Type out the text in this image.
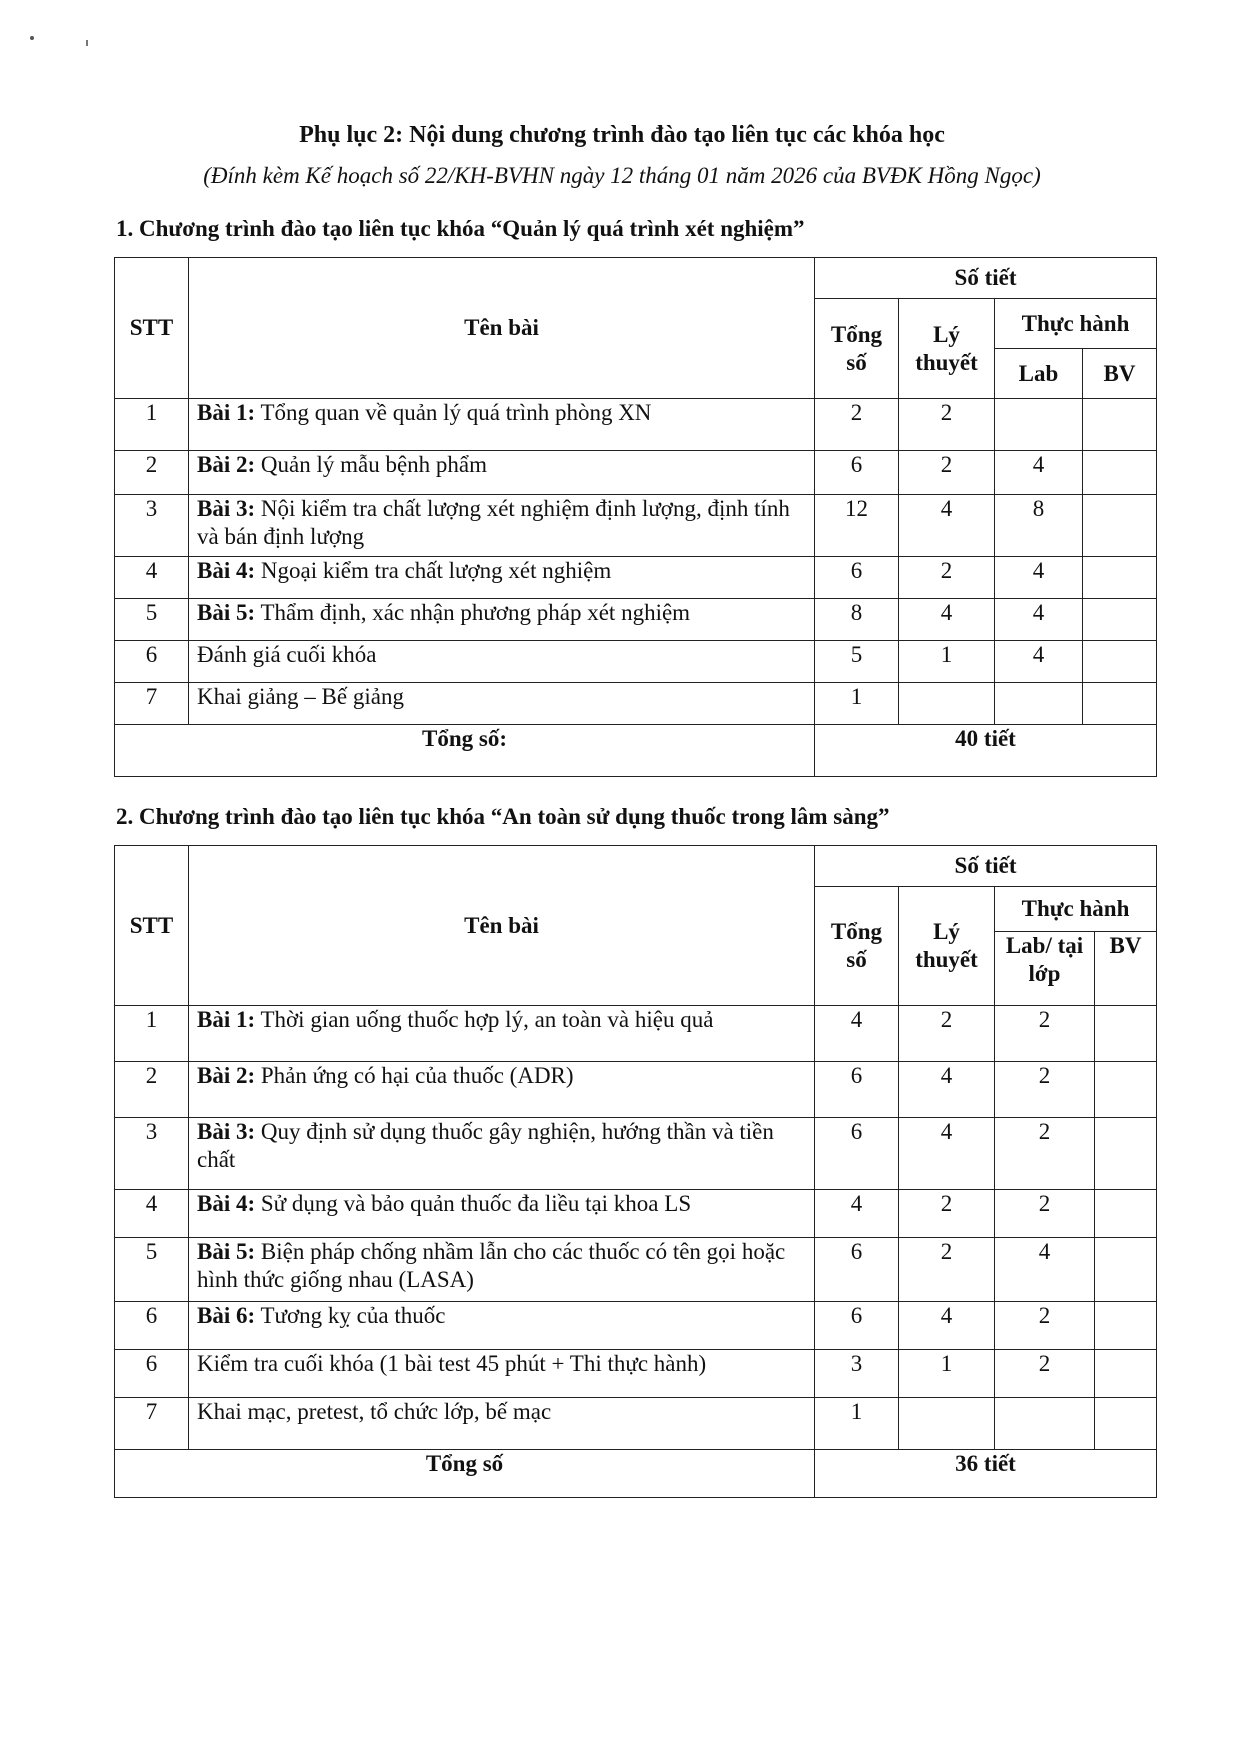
Phụ lục 2: Nội dung chương trình đào tạo liên tục các khóa học
(Đính kèm Kế hoạch số 22/KH-BVHN ngày 12 tháng 01 năm 2026 của BVĐK Hồng Ngọc)
1. Chương trình đào tạo liên tục khóa “Quản lý quá trình xét nghiệm”
STT	Tên bài	Số tiết			
		Tổng số	Lý thuyết	Thực hành	
				Lab	BV
1	Bài 1: Tổng quan về quản lý quá trình phòng XN	2	2		
2	Bài 2: Quản lý mẫu bệnh phẩm	6	2	4	
3	Bài 3: Nội kiểm tra chất lượng xét nghiệm định lượng, định tính và bán định lượng	12	4	8	
4	Bài 4: Ngoại kiểm tra chất lượng xét nghiệm	6	2	4	
5	Bài 5: Thẩm định, xác nhận phương pháp xét nghiệm	8	4	4	
6	Đánh giá cuối khóa	5	1	4	
7	Khai giảng – Bế giảng	1			
Tổng số:		40 tiết			
2. Chương trình đào tạo liên tục khóa “An toàn sử dụng thuốc trong lâm sàng”
STT	Tên bài	Số tiết			
		Tổng số	Lý thuyết	Thực hành	
				Lab/ tại lớp	BV
1	Bài 1: Thời gian uống thuốc hợp lý, an toàn và hiệu quả	4	2	2	
2	Bài 2: Phản ứng có hại của thuốc (ADR)	6	4	2	
3	Bài 3: Quy định sử dụng thuốc gây nghiện, hướng thần và tiền chất	6	4	2	
4	Bài 4: Sử dụng và bảo quản thuốc đa liều tại khoa LS	4	2	2	
5	Bài 5: Biện pháp chống nhầm lẫn cho các thuốc có tên gọi hoặc hình thức giống nhau (LASA)	6	2	4	
6	Bài 6: Tương kỵ của thuốc	6	4	2	
6	Kiểm tra cuối khóa (1 bài test 45 phút + Thi thực hành)	3	1	2	
7	Khai mạc, pretest, tổ chức lớp, bế mạc	1			
Tổng số		36 tiết			
